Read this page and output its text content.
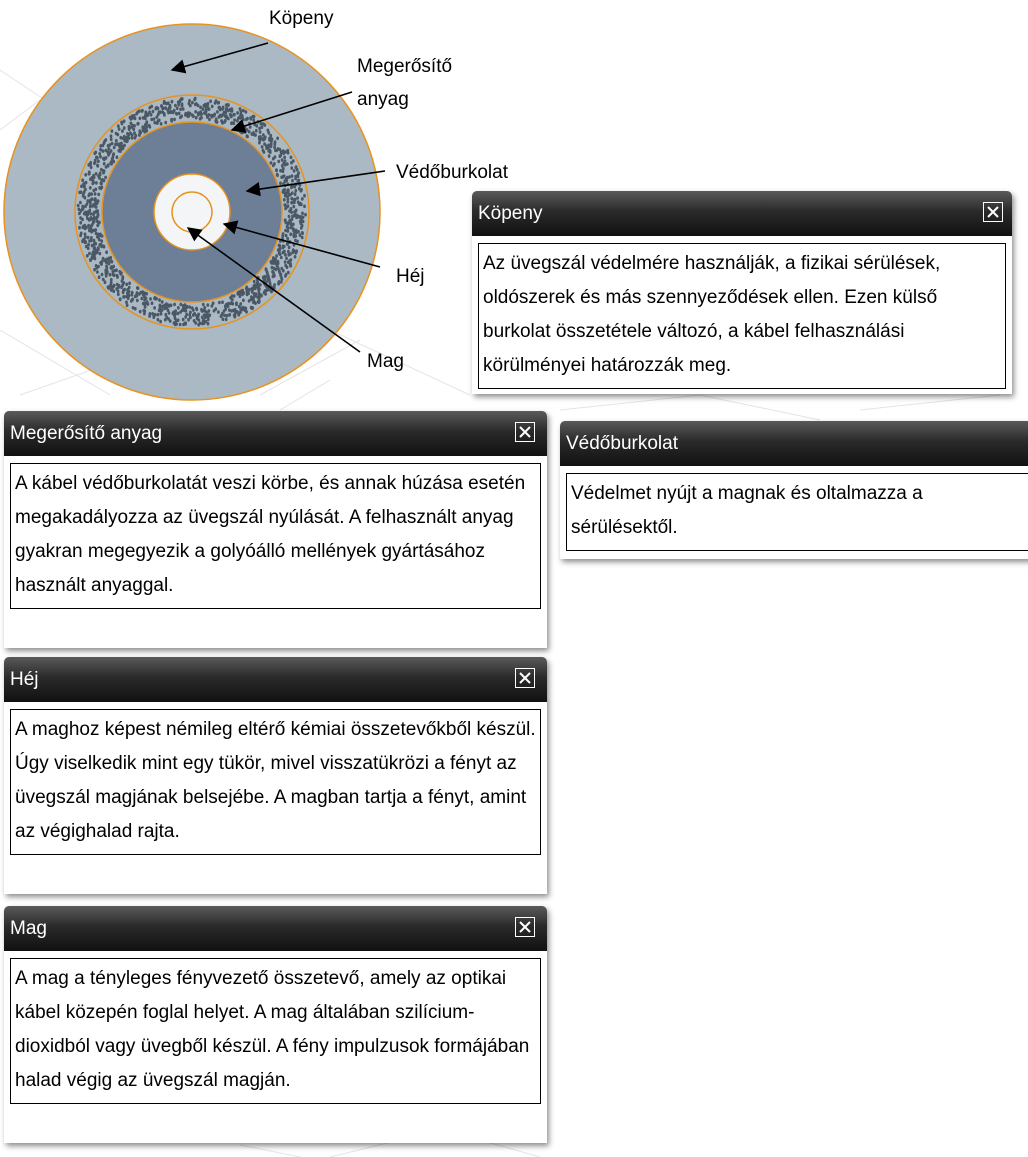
Köpeny
Megerősítő
anyag
Védőburkolat
Héj
Mag
Köpeny
Az üvegszál védelmére használják, a fizikai sérülések, oldószerek és más szennyeződések ellen. Ezen külső burkolat összetétele változó, a kábel felhasználási körülményei határozzák meg.
Megerősítő anyag
A kábel védőburkolatát veszi körbe, és annak húzása esetén megakadályozza az üvegszál nyúlását. A felhasznált anyag gyakran megegyezik a golyóálló mellények gyártásához használt anyaggal.
Védőburkolat
Védelmet nyújt a magnak és oltalmazza a sérülésektől.
Héj
A maghoz képest némileg eltérő kémiai összetevőkből készül. Úgy viselkedik mint egy tükör, mivel visszatükrözi a fényt az üvegszál magjának belsejébe. A magban tartja a fényt, amint az végighalad rajta.
Mag
A mag a tényleges fényvezető összetevő, amely az optikai kábel közepén foglal helyet. A mag általában szilícium-dioxidból vagy üvegből készül. A fény impulzusok formájában halad végig az üvegszál magján.
